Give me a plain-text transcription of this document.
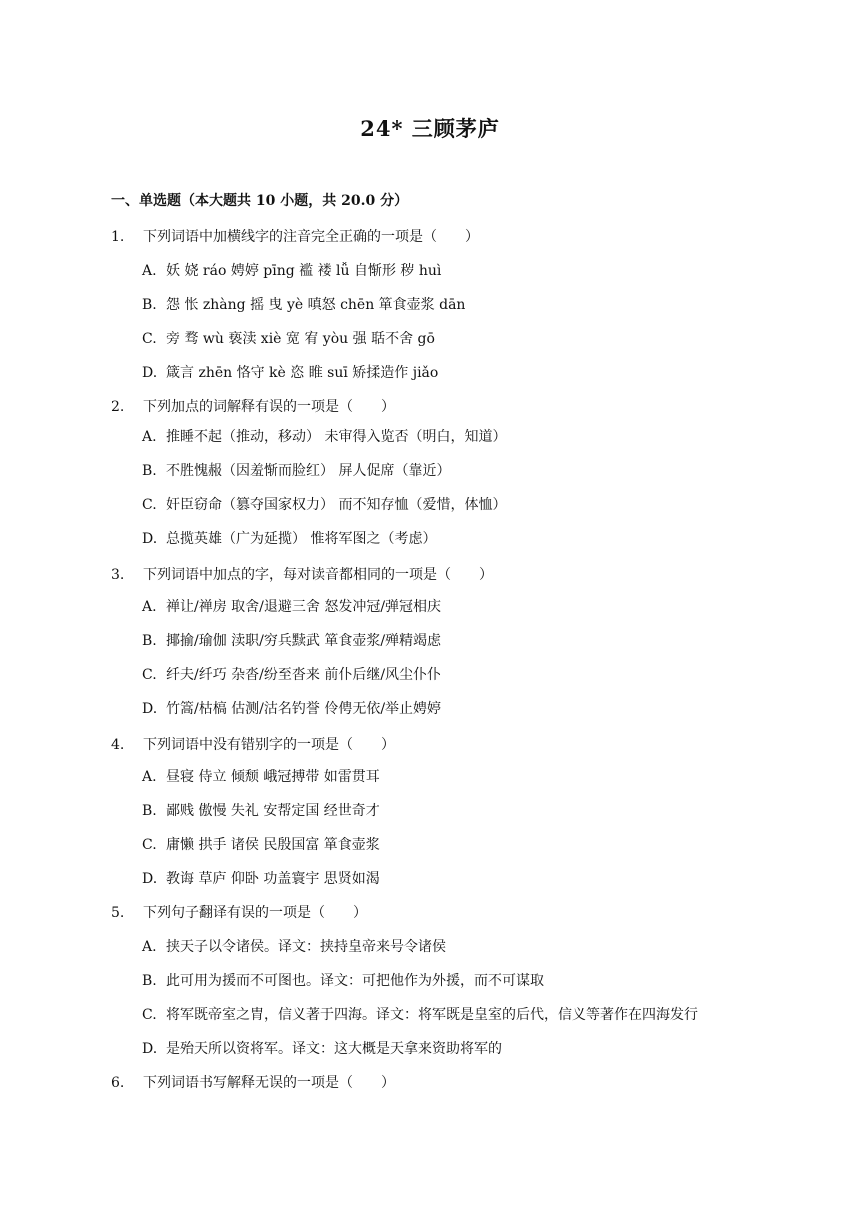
24* 三顾茅庐
一、单选题（本大题共 10 小题，共 20.0 分）
1. 下列词语中加横线字的注音完全正确的一项是（　　）
A. 妖 娆 ráo 娉婷 pīng 褴 褛 lǚ 自惭形 秽 huì
B. 怨 怅 zhàng 摇 曳 yè 嗔怒 chēn 箪食壶浆 dān
C. 旁 骛 wù 亵渎 xiè 宽 宥 yòu 强 聒不舍 gō
D. 箴言 zhēn 恪守 kè 恣 睢 suī 矫揉造作 jiǎo
2. 下列加点的词解释有误的一项是（　　）
A. 推睡不起（推动，移动） 未审得入览否（明白，知道）
B. 不胜愧赧（因羞惭而脸红） 屏人促席（靠近）
C. 奸臣窃命（篡夺国家权力） 而不知存恤（爱惜，体恤）
D. 总揽英雄（广为延揽） 惟将军图之（考虑）
3. 下列词语中加点的字，每对读音都相同的一项是（　　）
A. 禅让/禅房 取舍/退避三舍 怒发冲冠/弹冠相庆
B. 揶揄/瑜伽 渎职/穷兵黩武 箪食壶浆/殚精竭虑
C. 纤夫/纤巧 杂沓/纷至沓来 前仆后继/风尘仆仆
D. 竹篙/枯槁 估测/沽名钓誉 伶俜无依/举止娉婷
4. 下列词语中没有错别字的一项是（　　）
A. 昼寝 侍立 倾颓 峨冠搏带 如雷贯耳
B. 鄙贱 傲慢 失礼 安帮定国 经世奇才
C. 庸懒 拱手 诸侯 民殷国富 箪食壶浆
D. 教诲 草庐 仰卧 功盖寰宇 思贤如渴
5. 下列句子翻译有误的一项是（　　）
A. 挟天子以令诸侯。译文：挟持皇帝来号令诸侯
B. 此可用为援而不可图也。译文：可把他作为外援，而不可谋取
C. 将军既帝室之胄，信义著于四海。译文：将军既是皇室的后代，信义等著作在四海发行
D. 是殆天所以资将军。译文：这大概是天拿来资助将军的
6. 下列词语书写解释无误的一项是（　　）
